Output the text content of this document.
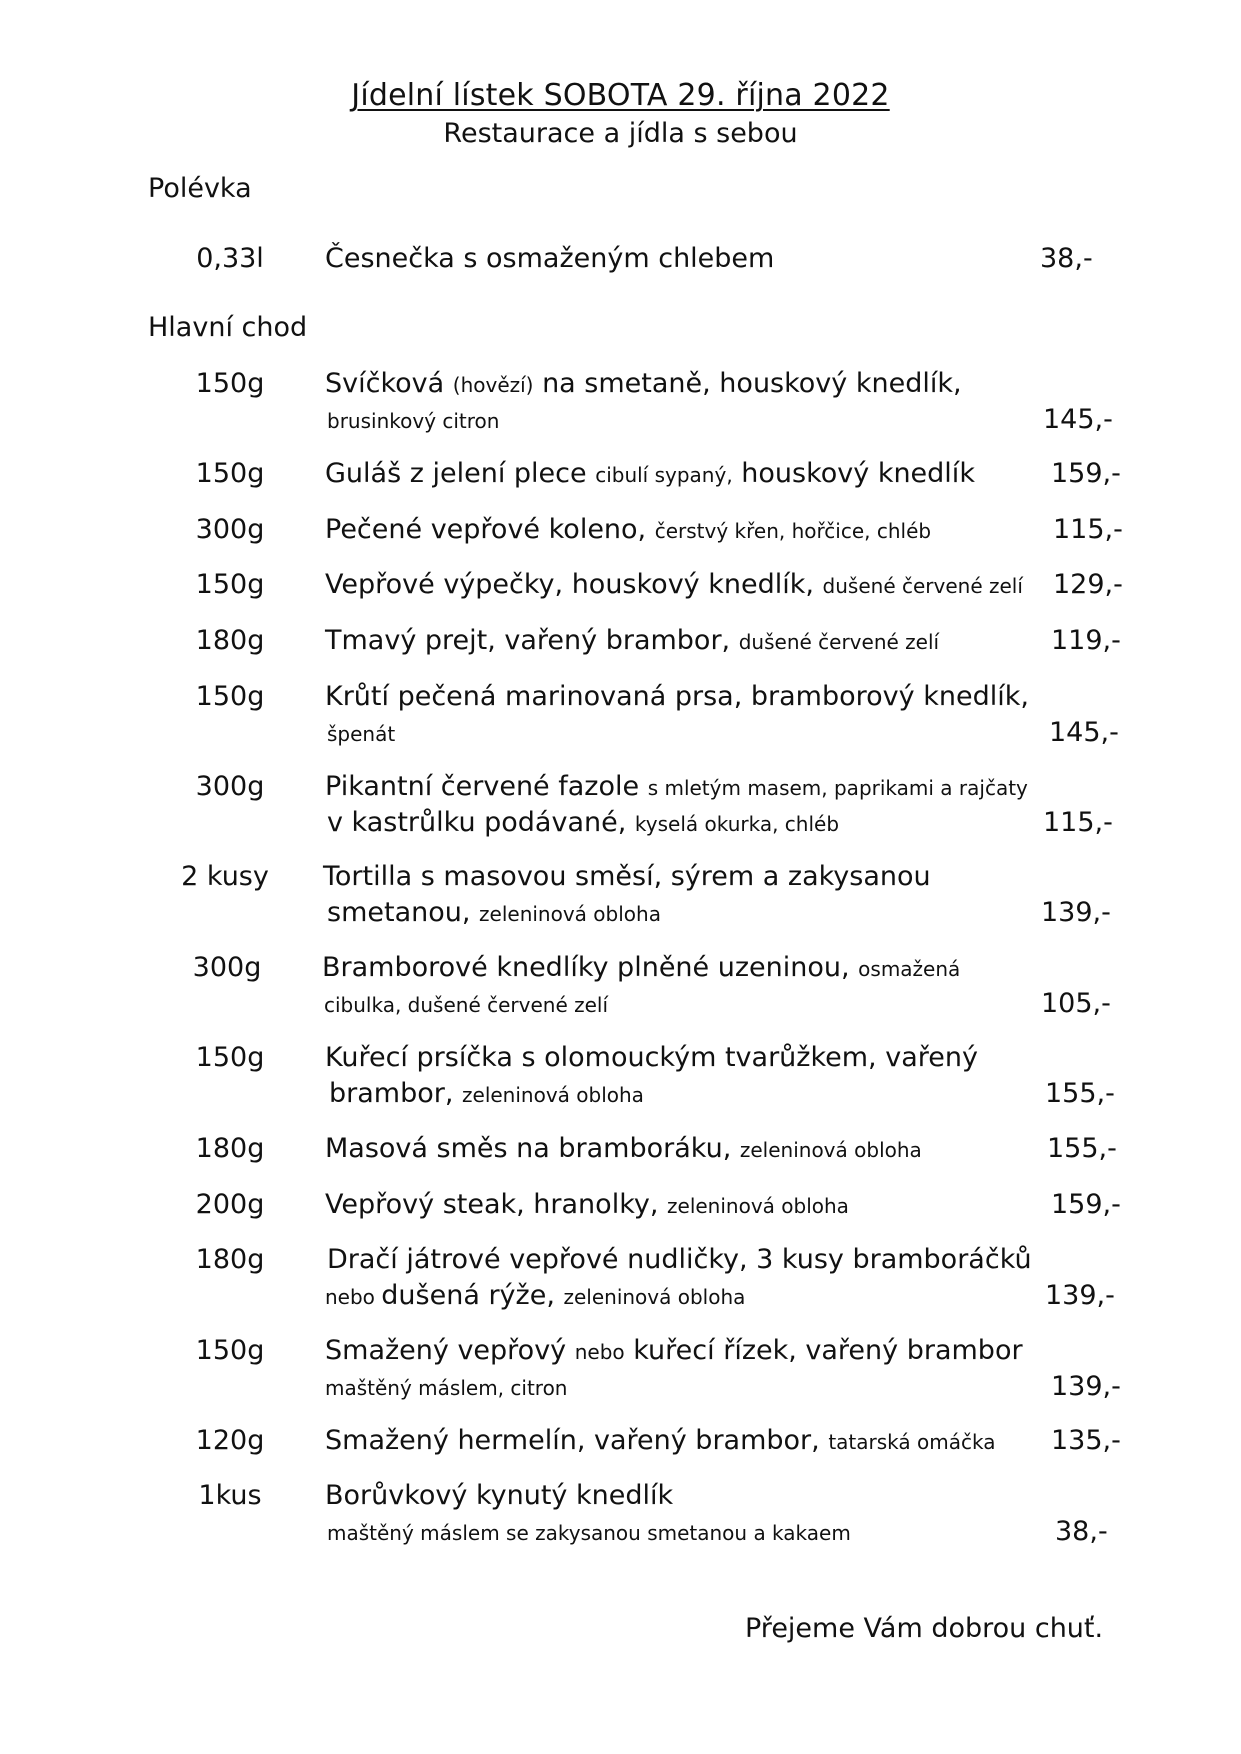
Jídelní lístek SOBOTA 29. října 2022
Restaurace a jídla s sebou
Polévka
0,33l	Česnečka s osmaženým chlebem	38,-
Hlavní chod
150g	Svíčková (hovězí) na smetaně, houskový knedlík,
brusinkový citron	145,-
150g	Guláš z jelení plece cibulí sypaný, houskový knedlík	159,-
300g	Pečené vepřové koleno, čerstvý křen, hořčice, chléb	115,-
150g	Vepřové výpečky, houskový knedlík, dušené červené zelí	129,-
180g	Tmavý prejt, vařený brambor, dušené červené zelí	119,-
150g	Krůtí pečená marinovaná prsa, bramborový knedlík,
špenát	145,-
300g	Pikantní červené fazole s mletým masem, paprikami a rajčaty
v kastrůlku podávané, kyselá okurka, chléb	115,-
2 kusy	Tortilla s masovou směsí, sýrem a zakysanou
smetanou, zeleninová obloha	139,-
300g	Bramborové knedlíky plněné uzeninou, osmažená
cibulka, dušené červené zelí	105,-
150g	Kuřecí prsíčka s olomouckým tvarůžkem, vařený
brambor, zeleninová obloha	155,-
180g	Masová směs na bramboráku, zeleninová obloha	155,-
200g	Vepřový steak, hranolky, zeleninová obloha	159,-
180g	Dračí játrové vepřové nudličky, 3 kusy bramboráčků
nebo dušená rýže, zeleninová obloha	139,-
150g	Smažený vepřový nebo kuřecí řízek, vařený brambor
maštěný máslem, citron	139,-
120g	Smažený hermelín, vařený brambor, tatarská omáčka	135,-
1kus	Borůvkový kynutý knedlík
maštěný máslem se zakysanou smetanou a kakaem	38,-
Přejeme Vám dobrou chuť.
